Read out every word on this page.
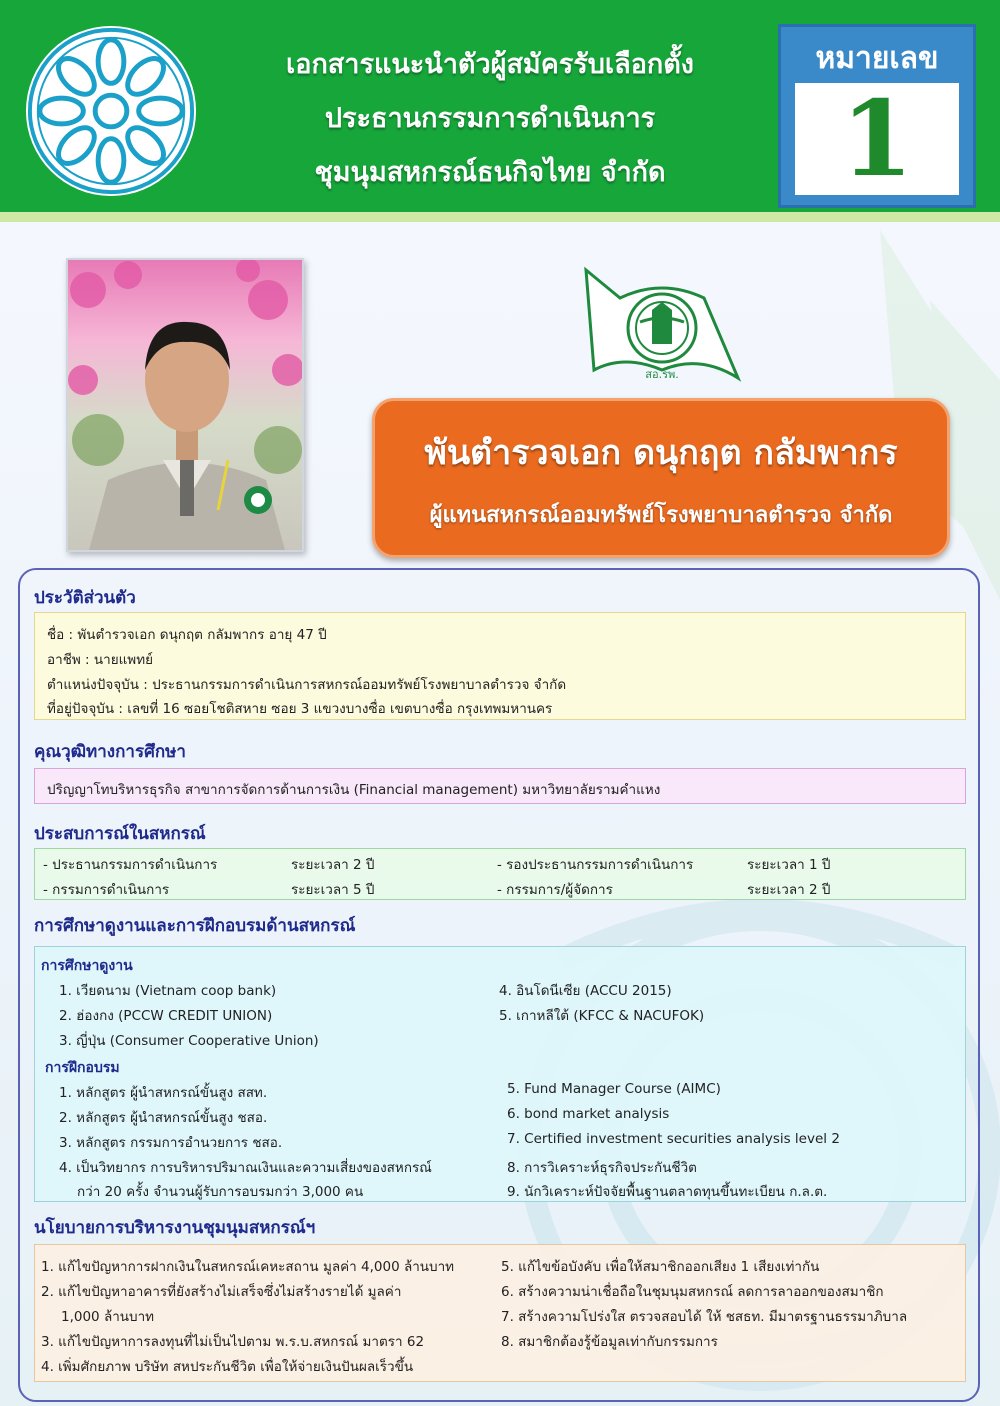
เอกสารแนะนำตัวผู้สมัครรับเลือกตั้ง
ประธานกรรมการดำเนินการ
ชุมนุมสหกรณ์ธนกิจไทย จำกัด
หมายเลข
1
สอ.รพ.
พันตำรวจเอก ดนุกฤต กลัมพากร
ผู้แทนสหกรณ์ออมทรัพย์โรงพยาบาลตำรวจ จำกัด
ประวัติส่วนตัว
ชื่อ : พันตำรวจเอก ดนุกฤต กลัมพากร อายุ 47 ปี
อาชีพ : นายแพทย์
ตำแหน่งปัจจุบัน : ประธานกรรมการดำเนินการสหกรณ์ออมทรัพย์โรงพยาบาลตำรวจ จำกัด
ที่อยู่ปัจจุบัน : เลขที่ 16 ซอยโชติสหาย ซอย 3 แขวงบางซื่อ เขตบางซื่อ กรุงเทพมหานคร
คุณวุฒิทางการศึกษา
ปริญญาโทบริหารธุรกิจ สาขาการจัดการด้านการเงิน (Financial management) มหาวิทยาลัยรามคำแหง
ประสบการณ์ในสหกรณ์
- ประธานกรรมการดำเนินการ	ระยะเวลา 2 ปี	- รองประธานกรรมการดำเนินการ	ระยะเวลา 1 ปี
- กรรมการดำเนินการ	ระยะเวลา 5 ปี	- กรรมการ/ผู้จัดการ	ระยะเวลา 2 ปี
การศึกษาดูงานและการฝึกอบรมด้านสหกรณ์
การศึกษาดูงาน
1. เวียดนาม (Vietnam coop bank)
2. ฮ่องกง (PCCW CREDIT UNION)
3. ญี่ปุ่น (Consumer Cooperative Union)
4. อินโดนีเซีย (ACCU 2015)
5. เกาหลีใต้ (KFCC & NACUFOK)
การฝึกอบรม
1. หลักสูตร ผู้นำสหกรณ์ขั้นสูง สสท.
2. หลักสูตร ผู้นำสหกรณ์ขั้นสูง ชสอ.
3. หลักสูตร กรรมการอำนวยการ ชสอ.
4. เป็นวิทยากร การบริหารปริมาณเงินและความเสี่ยงของสหกรณ์
กว่า 20 ครั้ง จำนวนผู้รับการอบรมกว่า 3,000 คน
5. Fund Manager Course (AIMC)
6. bond market analysis
7. Certified investment securities analysis level 2
8. การวิเคราะห์ธุรกิจประกันชีวิต
9. นักวิเคราะห์ปัจจัยพื้นฐานตลาดทุนขึ้นทะเบียน ก.ล.ต.
นโยบายการบริหารงานชุมนุมสหกรณ์ฯ
1. แก้ไขปัญหาการฝากเงินในสหกรณ์เคหะสถาน มูลค่า 4,000 ล้านบาท
2. แก้ไขปัญหาอาคารที่ยังสร้างไม่เสร็จซึ่งไม่สร้างรายได้ มูลค่า
1,000 ล้านบาท
3. แก้ไขปัญหาการลงทุนที่ไม่เป็นไปตาม พ.ร.บ.สหกรณ์ มาตรา 62
4. เพิ่มศักยภาพ บริษัท สหประกันชีวิต เพื่อให้จ่ายเงินปันผลเร็วขึ้น
5. แก้ไขข้อบังคับ เพื่อให้สมาชิกออกเสียง 1 เสียงเท่ากัน
6. สร้างความน่าเชื่อถือในชุมนุมสหกรณ์ ลดการลาออกของสมาชิก
7. สร้างความโปร่งใส ตรวจสอบได้ ให้ ชสธท. มีมาตรฐานธรรมาภิบาล
8. สมาชิกต้องรู้ข้อมูลเท่ากับกรรมการ
